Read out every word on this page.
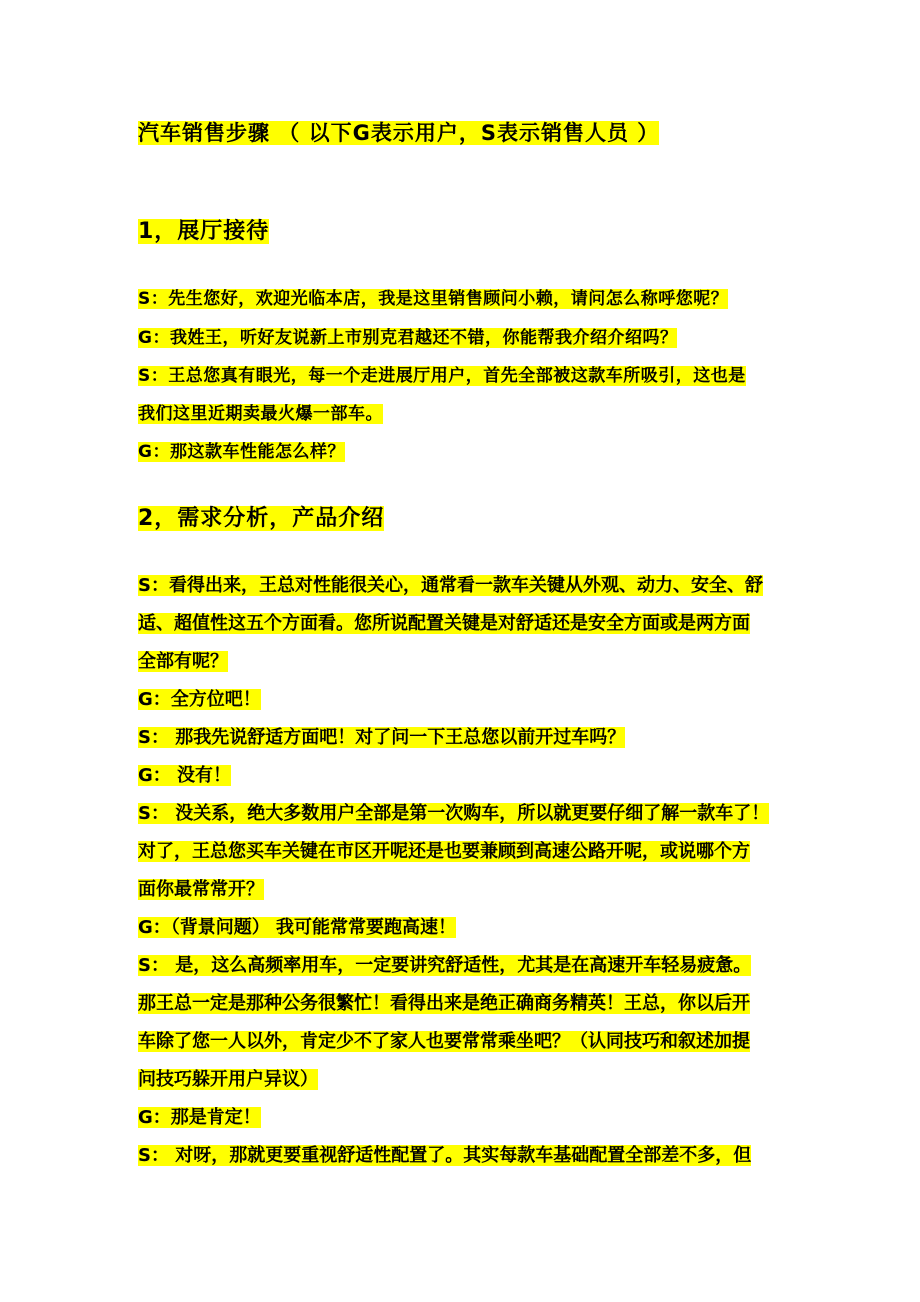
汽车销售步骤 （ 以下G表示用户，S表示销售人员 ）
1，展厅接待
S：先生您好，欢迎光临本店，我是这里销售顾问小赖，请问怎么称呼您呢？
G：我姓王，听好友说新上市别克君越还不错，你能帮我介绍介绍吗？
S：王总您真有眼光，每一个走进展厅用户，首先全部被这款车所吸引，这也是
我们这里近期卖最火爆一部车。
G：那这款车性能怎么样？
2，需求分析，产品介绍
S：看得出来，王总对性能很关心，通常看一款车关键从外观、动力、安全、舒
适、超值性这五个方面看。您所说配置关键是对舒适还是安全方面或是两方面
全部有呢？
G：全方位吧！
S： 那我先说舒适方面吧！对了问一下王总您以前开过车吗？
G： 没有！
S： 没关系，绝大多数用户全部是第一次购车，所以就更要仔细了解一款车了！
对了，王总您买车关键在市区开呢还是也要兼顾到高速公路开呢，或说哪个方
面你最常常开？
G：（背景问题） 我可能常常要跑高速！
S： 是，这么高频率用车，一定要讲究舒适性，尤其是在高速开车轻易疲惫。
那王总一定是那种公务很繁忙！看得出来是绝正确商务精英！王总，你以后开
车除了您一人以外，肯定少不了家人也要常常乘坐吧？（认同技巧和叙述加提
问技巧躲开用户异议）
G：那是肯定！
S： 对呀，那就更要重视舒适性配置了。其实每款车基础配置全部差不多，但
